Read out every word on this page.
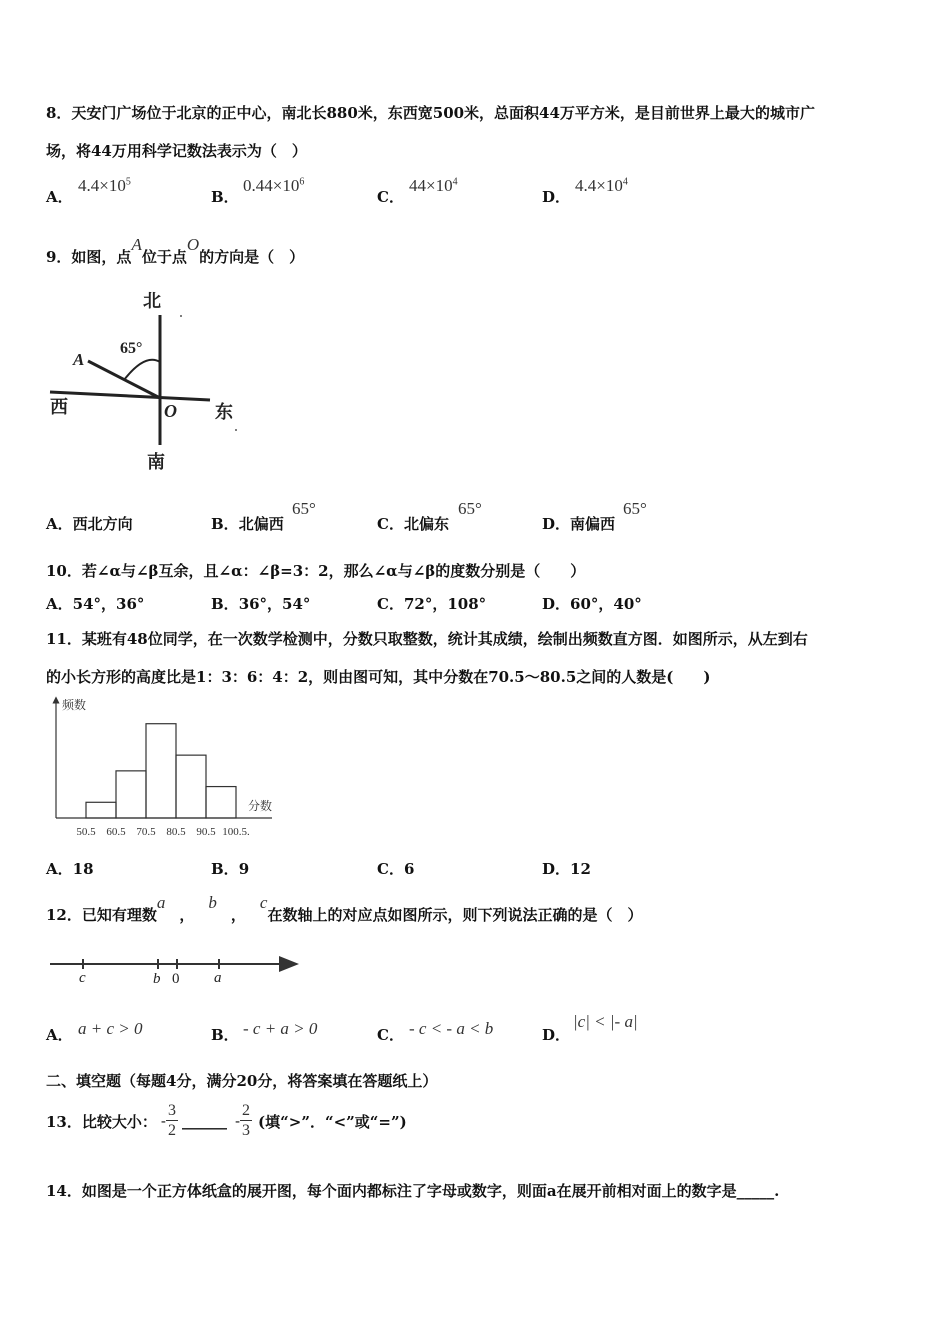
8．天安门广场位于北京的正中心，南北长880米，东西宽500米，总面积44万平方米，是目前世界上最大的城市广
场，将44万用科学记数法表示为（　）
A．
$4.4\times 10^5$
B．
$0.44\times 10^6$
C．
$44\times 10^4$
D．
$4.4\times 10^4$
9．如图，点A位于点O的方向是（　）
北
南
西	东
65°
A
O
A．西北方向	B．北偏西
65°
C．北偏东
65°
D．南偏西
65°
10．若∠α与∠β互余，且∠α：∠β=3：2，那么∠α与∠β的度数分别是（　　）
A．54°，36°	B．36°，54°	C．72°，108°	D．60°，40°
11．某班有48位同学，在一次数学检测中，分数只取整数，统计其成绩，绘制出频数直方图．如图所示，从左到右
的小长方形的高度比是1：3：6：4：2，则由图可知，其中分数在70.5～80.5之间的人数是(　　)
频数
分数
50.5 60.5 70.5 80.5 90.5 100.5.
A．18	B．9	C．6	D．12
12．已知有理数a，b，c在数轴上的对应点如图所示，则下列说法正确的是（　）
c	b 0 a
A． a + c > 0	B． - c + a > 0	C． - c < - a < b	D．
|c| < |- a|
二、填空题（每题4分，满分20分，将答案填在答题纸上）
13．比较大小： - $\frac{3}{2}$ ______ - $\frac{2}{3}$ (填“>”．“<”或“=”)
14．如图是一个正方体纸盒的展开图，每个面内都标注了字母或数字，则面a在展开前相对面上的数字是_____.
